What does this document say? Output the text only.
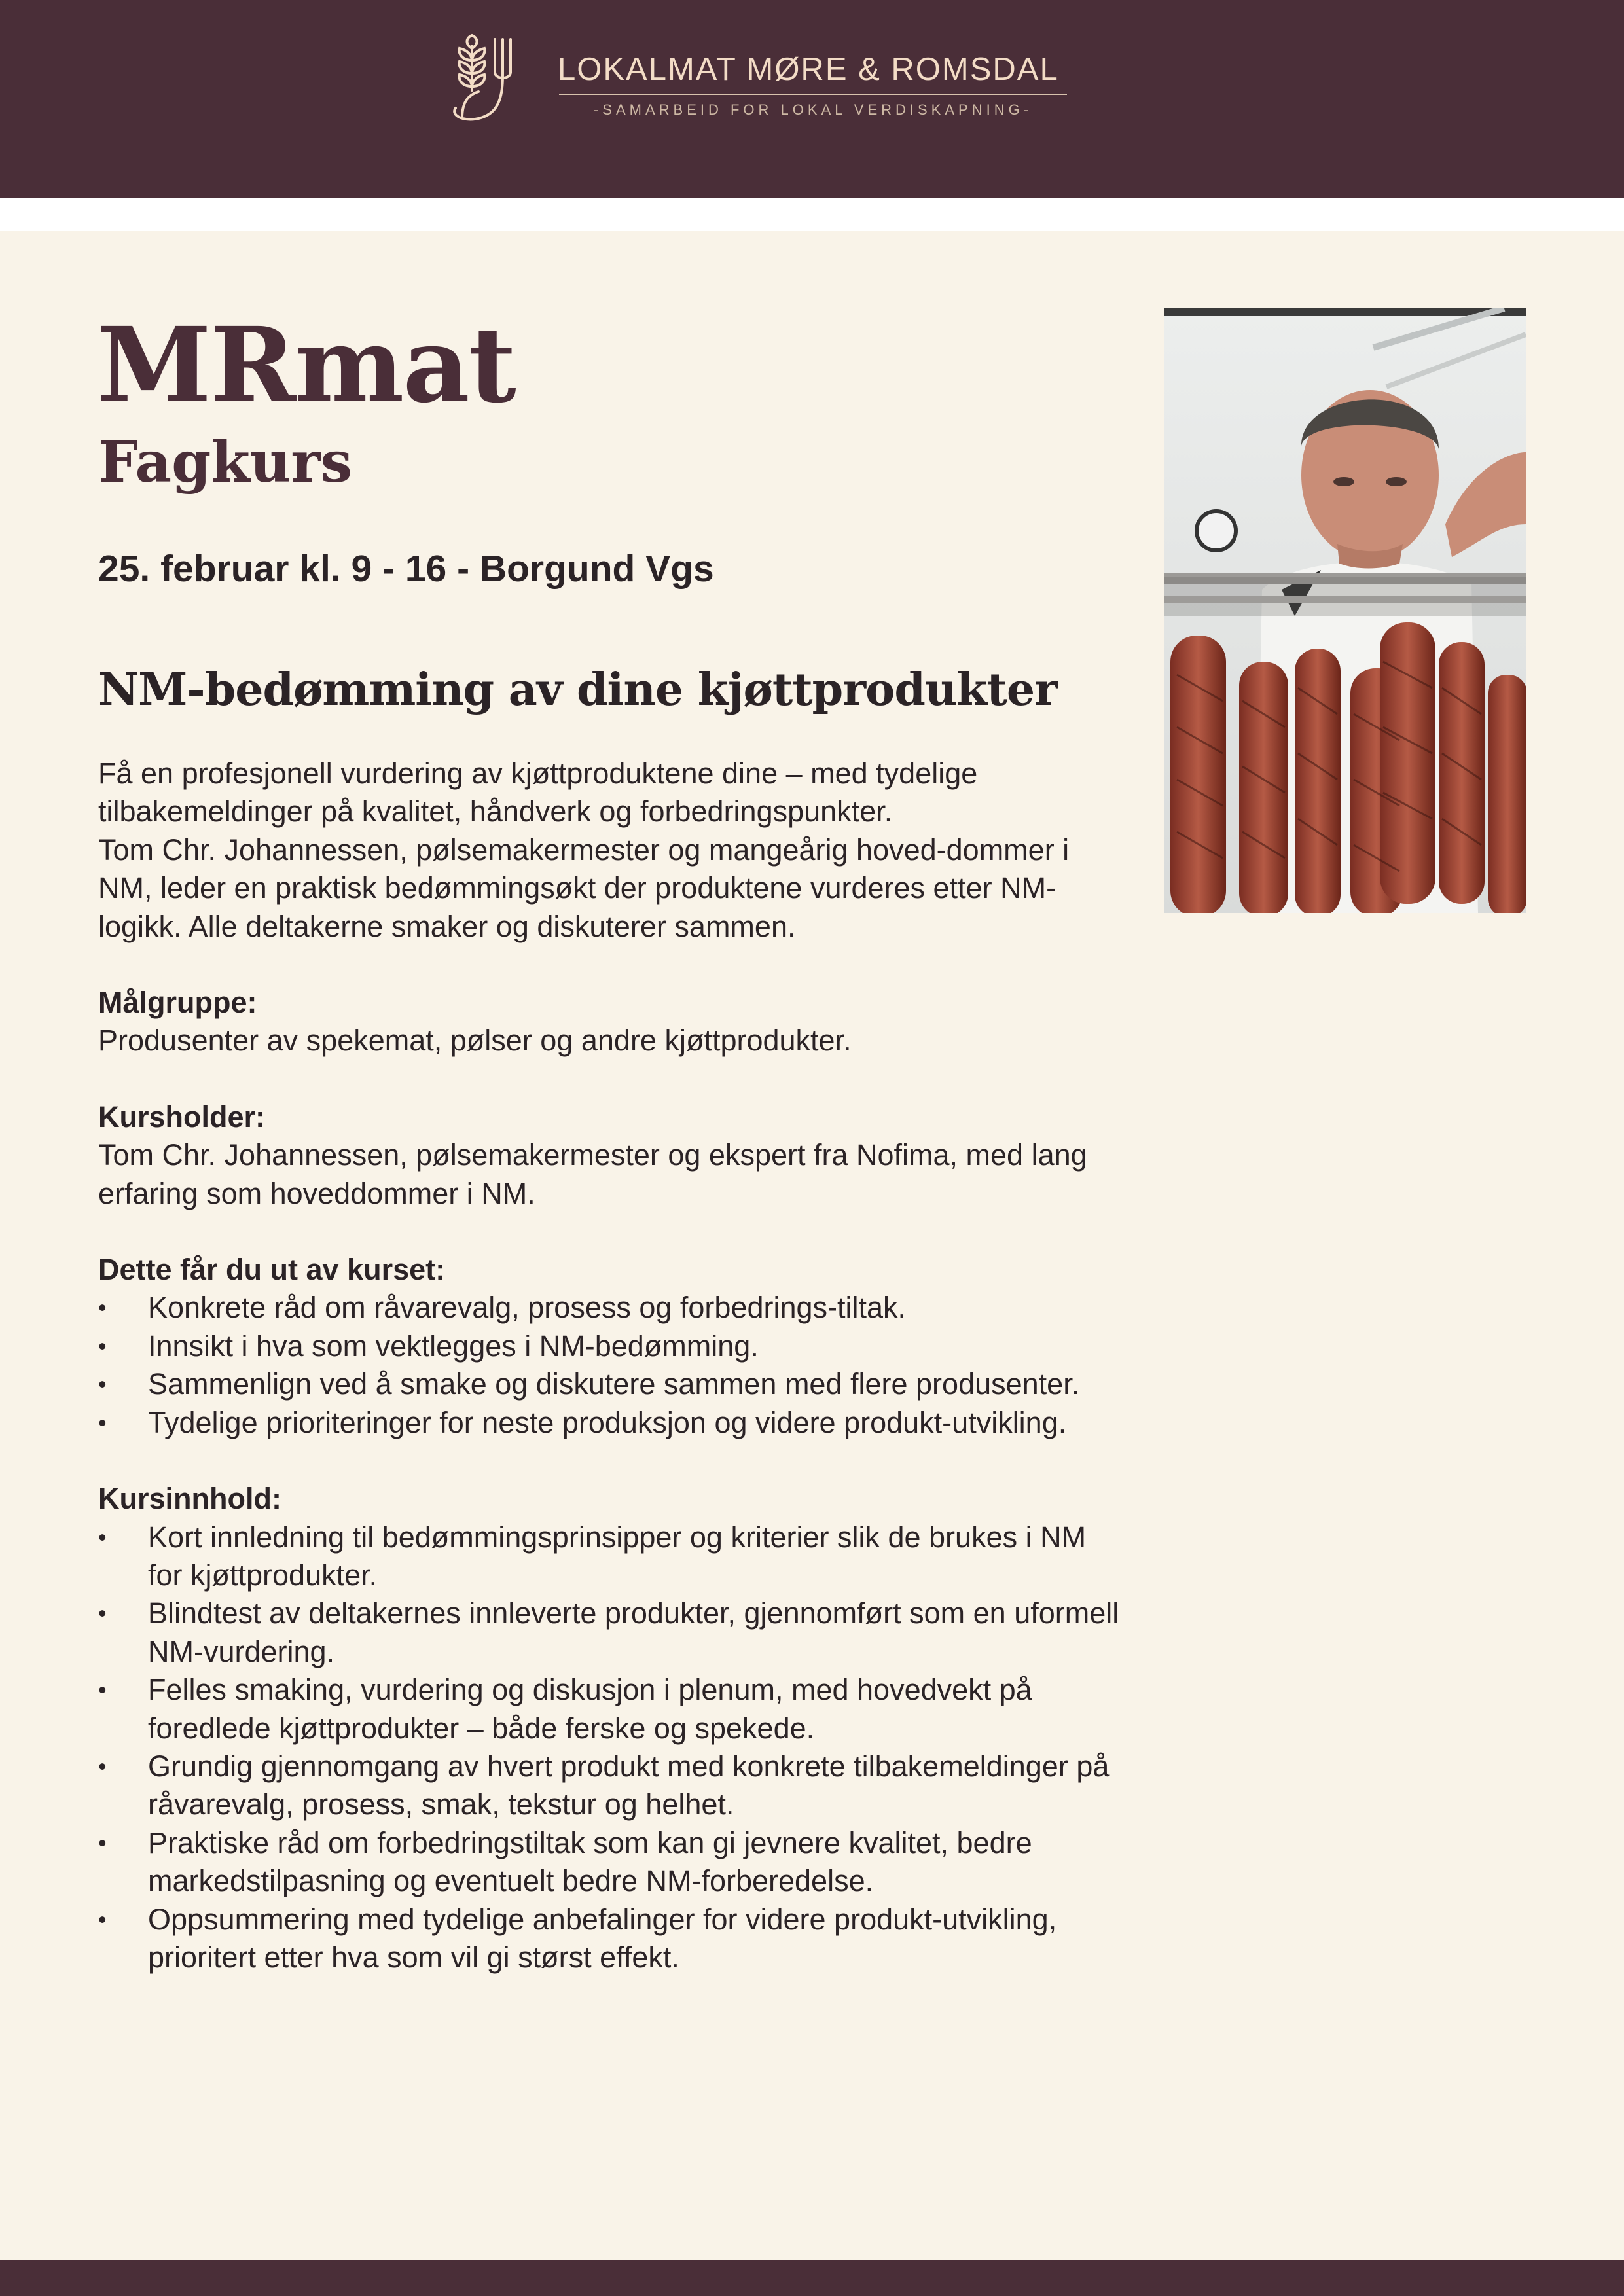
LOKALMAT MØRE & ROMSDAL
-SAMARBEID FOR LOKAL VERDISKAPNING-
MRmat
Fagkurs
25. februar kl. 9 - 16 - Borgund Vgs
NM-bedømming av dine kjøttprodukter

Få en profesjonell vurdering av kjøttproduktene dine – med tydelige tilbakemeldinger på kvalitet, håndverk og forbedringspunkter.

Tom Chr. Johannessen, pølsemakermester og mangeårig hoved-dommer i NM, leder en praktisk bedømmingsøkt der produktene vurderes etter NM-logikk. Alle deltakerne smaker og diskuterer sammen.

Målgruppe:

Produsenter av spekemat, pølser og andre kjøttprodukter.

Kursholder:

Tom Chr. Johannessen, pølsemakermester og ekspert fra Nofima, med lang erfaring som hoveddommer i NM.

Dette får du ut av kurset:

• Konkrete råd om råvarevalg, prosess og forbedrings-tiltak.
• Innsikt i hva som vektlegges i NM-bedømming.
• Sammenlign ved å smake og diskutere sammen med flere produsenter.
• Tydelige prioriteringer for neste produksjon og videre produkt-utvikling.

Kursinnhold:

• Kort innledning til bedømmingsprinsipper og kriterier slik de brukes i NM for kjøttprodukter.
• Blindtest av deltakernes innleverte produkter, gjennomført som en uformell NM-vurdering.
• Felles smaking, vurdering og diskusjon i plenum, med hovedvekt på foredlede kjøttprodukter – både ferske og spekede.
• Grundig gjennomgang av hvert produkt med konkrete tilbakemeldinger på råvarevalg, prosess, smak, tekstur og helhet.
• Praktiske råd om forbedringstiltak som kan gi jevnere kvalitet, bedre markedstilpasning og eventuelt bedre NM-forberedelse.
• Oppsummering med tydelige anbefalinger for videre produkt-utvikling, prioritert etter hva som vil gi størst effekt.
